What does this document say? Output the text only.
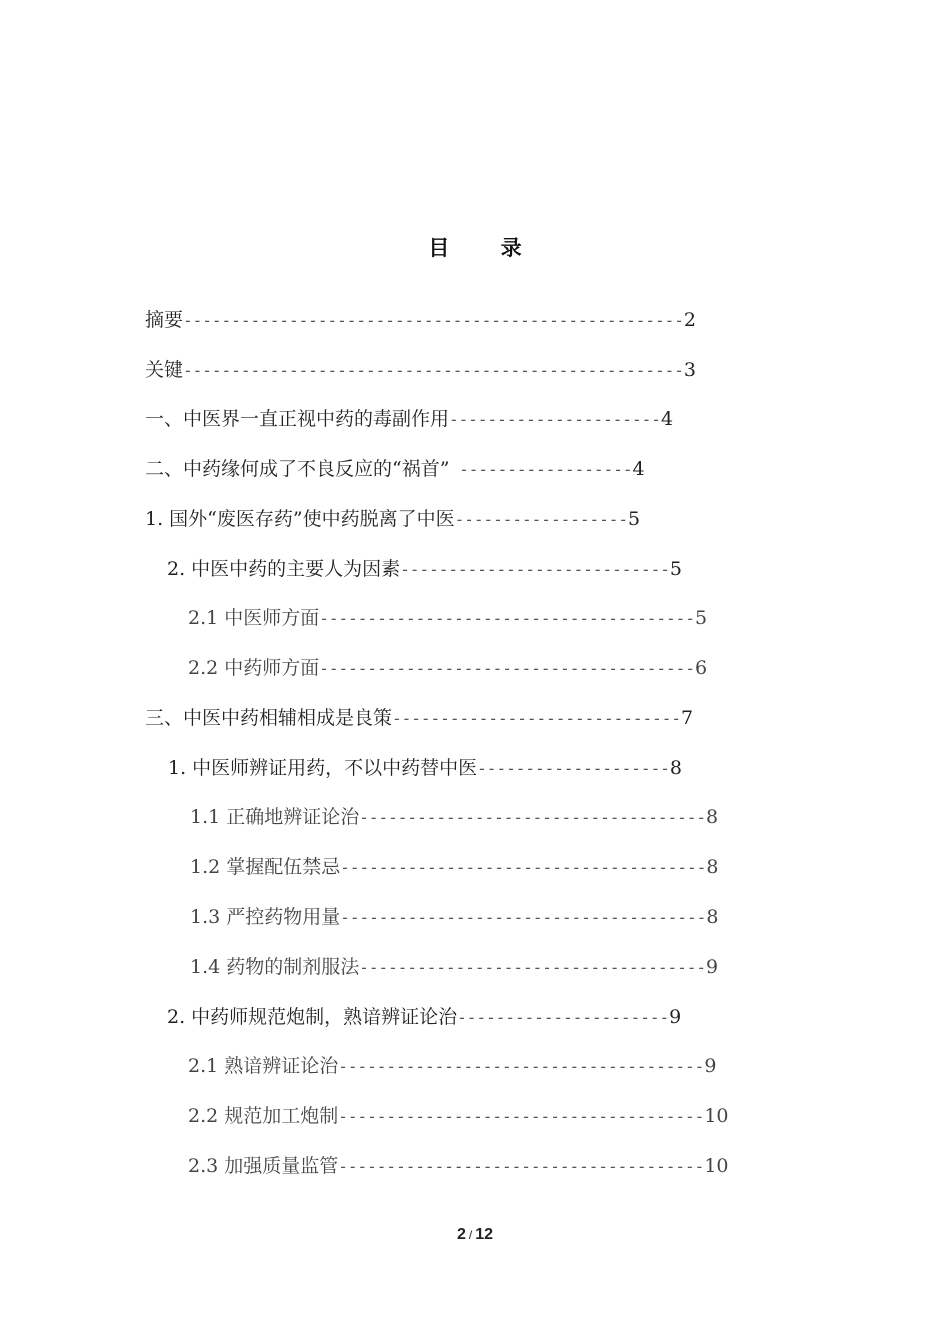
目 录
摘要----------------------------------------------------2
关键----------------------------------------------------3
一、中医界一直正视中药的毒副作用----------------------4
二、中药缘何成了不良反应的“祸首” ------------------4
1. 国外“废医存药”使中药脱离了中医------------------5
2. 中医中药的主要人为因素----------------------------5
2.1 中医师方面---------------------------------------5
2.2 中药师方面---------------------------------------6
三、中医中药相辅相成是良策------------------------------7
1. 中医师辨证用药，不以中药替中医--------------------8
1.1 正确地辨证论治------------------------------------8
1.2 掌握配伍禁忌--------------------------------------8
1.3 严控药物用量--------------------------------------8
1.4 药物的制剂服法------------------------------------9
2. 中药师规范炮制，熟谙辨证论治----------------------9
2.1 熟谙辨证论治--------------------------------------9
2.2 规范加工炮制--------------------------------------10
2.3 加强质量监管--------------------------------------10
2 / 12
